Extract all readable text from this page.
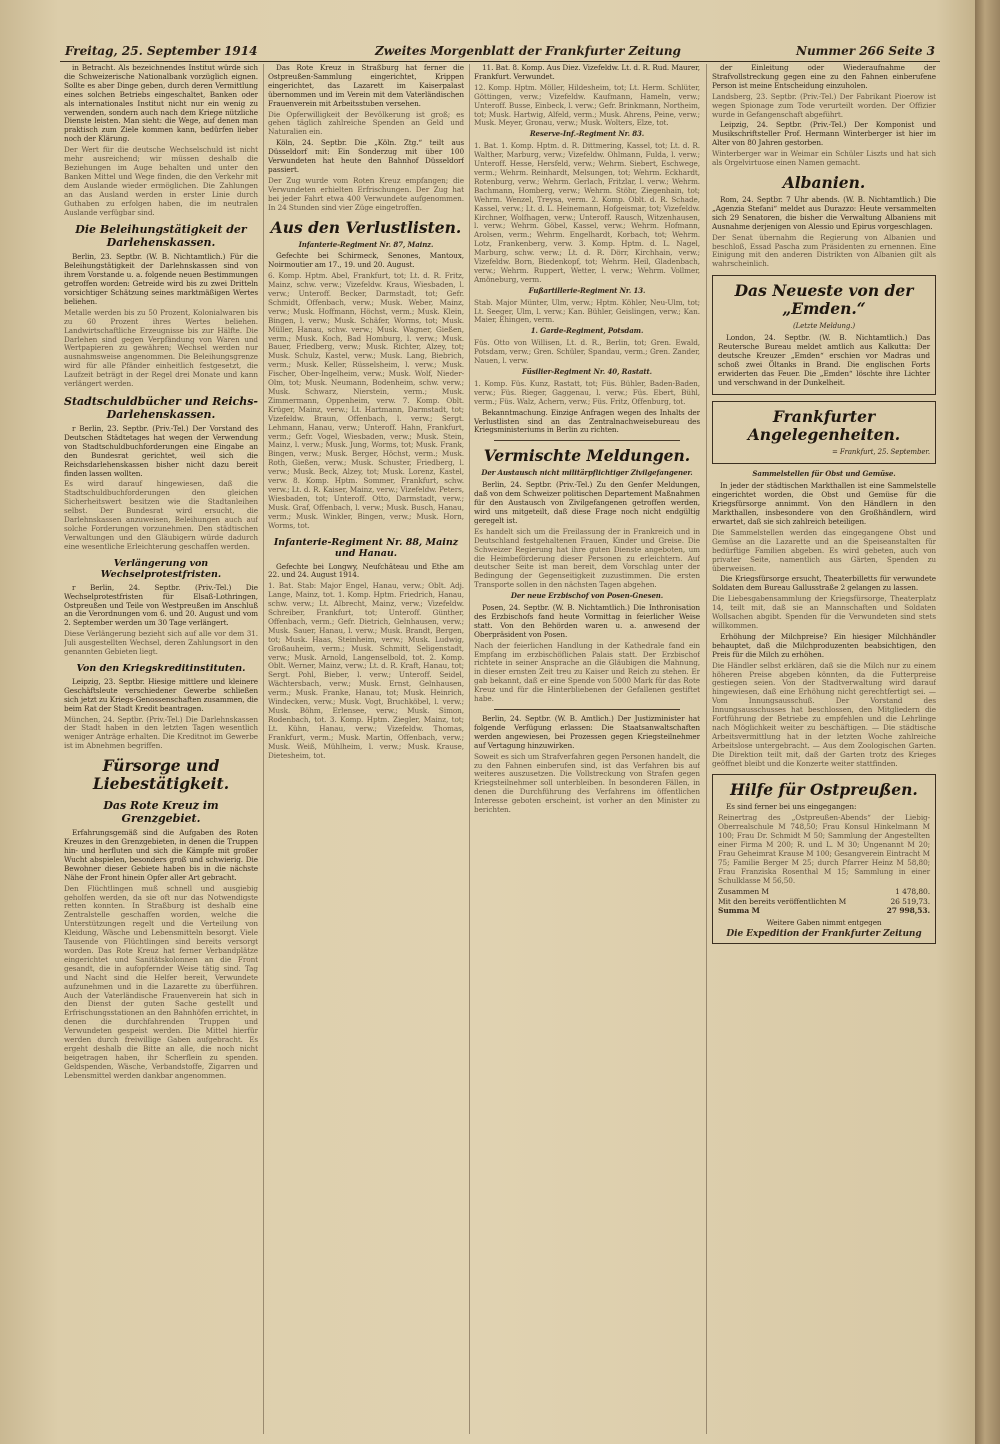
Freitag, 25. September 1914	Zweites Morgenblatt der Frankfurter Zeitung	Nummer 266 Seite 3

in Betracht. Als bezeichnendes Institut würde sich die Schweizerische Nationalbank vorzüglich eignen. Sollte es aber Dinge geben, durch deren Vermittlung eines solchen Betriebs eingeschaltet, Banken oder als internationales Institut nicht nur ein wenig zu verwenden, sondern auch nach dem Kriege nützliche Dienste leisten. Man sieht: die Wege, auf denen man praktisch zum Ziele kommen kann, bedürfen lieber noch der Klärung.

Der Wert für die deutsche Wechselschuld ist nicht mehr ausreichend; wir müssen deshalb die Beziehungen im Auge behalten und unter den Banken Mittel und Wege finden, die den Verkehr mit dem Auslande wieder ermöglichen. Die Zahlungen an das Ausland werden in erster Linie durch Guthaben zu erfolgen haben, die im neutralen Auslande verfügbar sind.
Die Beleihungstätigkeit der Darlehenskassen.

Berlin, 23. Septbr. (W. B. Nichtamtlich.) Für die Beleihungstätigkeit der Darlehnskassen sind von ihrem Vorstande u. a. folgende neuen Bestimmungen getroffen worden: Getreide wird bis zu zwei Dritteln vorsichtiger Schätzung seines marktmäßigen Wertes beliehen.

Metalle werden bis zu 50 Prozent, Kolonialwaren bis zu 60 Prozent ihres Wertes beliehen. Landwirtschaftliche Erzeugnisse bis zur Hälfte. Die Darlehen sind gegen Verpfändung von Waren und Wertpapieren zu gewähren; Wechsel werden nur ausnahmsweise angenommen. Die Beleihungsgrenze wird für alle Pfänder einheitlich festgesetzt, die Laufzeit beträgt in der Regel drei Monate und kann verlängert werden.
Stadtschuldbücher und Reichs-Darlehenskassen.

r Berlin, 23. Septbr. (Priv.-Tel.) Der Vorstand des Deutschen Städtetages hat wegen der Verwendung von Stadtschuldbuchforderungen eine Eingabe an den Bundesrat gerichtet, weil sich die Reichsdarlehenskassen bisher nicht dazu bereit finden lassen wollten.

Es wird darauf hingewiesen, daß die Stadtschuldbuchforderungen den gleichen Sicherheitswert besitzen wie die Stadtanleihen selbst. Der Bundesrat wird ersucht, die Darlehnskassen anzuweisen, Beleihungen auch auf solche Forderungen vorzunehmen. Den städtischen Verwaltungen und den Gläubigern würde dadurch eine wesentliche Erleichterung geschaffen werden.
Verlängerung von Wechselprotestfristen.

r Berlin, 24. Septbr. (Priv.-Tel.) Die Wechselprotestfristen für Elsaß-Lothringen, Ostpreußen und Teile von Westpreußen im Anschluß an die Verordnungen vom 6. und 20. August und vom 2. September werden um 30 Tage verlängert.

Diese Verlängerung bezieht sich auf alle vor dem 31. Juli ausgestellten Wechsel, deren Zahlungsort in den genannten Gebieten liegt.
Von den Kriegskreditinstituten.

Leipzig, 23. Septbr. Hiesige mittlere und kleinere Geschäftsleute verschiedener Gewerbe schließen sich jetzt zu Kriegs-Genossenschaften zusammen, die beim Rat der Stadt Kredit beantragen.

München, 24. Septbr. (Priv.-Tel.) Die Darlehnskassen der Stadt haben in den letzten Tagen wesentlich weniger Anträge erhalten. Die Kreditnot im Gewerbe ist im Abnehmen begriffen.
Fürsorge und Liebestätigkeit.
Das Rote Kreuz im Grenzgebiet.

Erfahrungsgemäß sind die Aufgaben des Roten Kreuzes in den Grenzgebieten, in denen die Truppen hin- und herfluten und sich die Kämpfe mit großer Wucht abspielen, besonders groß und schwierig. Die Bewohner dieser Gebiete haben bis in die nächste Nähe der Front hinein Opfer aller Art gebracht.

Den Flüchtlingen muß schnell und ausgiebig geholfen werden, da sie oft nur das Notwendigste retten konnten. In Straßburg ist deshalb eine Zentralstelle geschaffen worden, welche die Unterstützungen regelt und die Verteilung von Kleidung, Wäsche und Lebensmitteln besorgt. Viele Tausende von Flüchtlingen sind bereits versorgt worden. Das Rote Kreuz hat ferner Verbandplätze eingerichtet und Sanitätskolonnen an die Front gesandt, die in aufopfernder Weise tätig sind. Tag und Nacht sind die Helfer bereit, Verwundete aufzunehmen und in die Lazarette zu überführen. Auch der Vaterländische Frauenverein hat sich in den Dienst der guten Sache gestellt und Erfrischungsstationen an den Bahnhöfen errichtet, in denen die durchfahrenden Truppen und Verwundeten gespeist werden. Die Mittel hierfür werden durch freiwillige Gaben aufgebracht. Es ergeht deshalb die Bitte an alle, die noch nicht beigetragen haben, ihr Scherflein zu spenden. Geldspenden, Wäsche, Verbandstoffe, Zigarren und Lebensmittel werden dankbar angenommen.

Das Rote Kreuz in Straßburg hat ferner die Ostpreußen-Sammlung eingerichtet, Krippen eingerichtet, das Lazarett im Kaiserpalast übernommen und im Verein mit dem Vaterländischen Frauenverein mit Arbeitsstuben versehen.

Die Opferwilligkeit der Bevölkerung ist groß; es gehen täglich zahlreiche Spenden an Geld und Naturalien ein.

Köln, 24. Septbr. Die „Köln. Ztg.“ teilt aus Düsseldorf mit: Ein Sonderzug mit über 100 Verwundeten hat heute den Bahnhof Düsseldorf passiert.

Der Zug wurde vom Roten Kreuz empfangen; die Verwundeten erhielten Erfrischungen. Der Zug hat bei jeder Fahrt etwa 400 Verwundete aufgenommen. In 24 Stunden sind vier Züge eingetroffen.
Aus den Verlustlisten.
Infanterie-Regiment Nr. 87, Mainz.

Gefechte bei Schirmeck, Senones, Mantoux, Noirmoutier am 17., 19. und 20. August.

6. Komp. Hptm. Abel, Frankfurt, tot; Lt. d. R. Fritz, Mainz, schw. verw.; Vizefeldw. Kraus, Wiesbaden, l. verw.; Unteroff. Becker, Darmstadt, tot; Gefr. Schmidt, Offenbach, verw.; Musk. Weber, Mainz, verw.; Musk. Hoffmann, Höchst, verm.; Musk. Klein, Bingen, l. verw.; Musk. Schäfer, Worms, tot; Musk. Müller, Hanau, schw. verw.; Musk. Wagner, Gießen, verm.; Musk. Koch, Bad Homburg, l. verw.; Musk. Bauer, Friedberg, verw.; Musk. Richter, Alzey, tot; Musk. Schulz, Kastel, verw.; Musk. Lang, Biebrich, verm.; Musk. Keller, Rüsselsheim, l. verw.; Musk. Fischer, Ober-Ingelheim, verw.; Musk. Wolf, Nieder-Olm, tot; Musk. Neumann, Bodenheim, schw. verw.; Musk. Schwarz, Nierstein, verm.; Musk. Zimmermann, Oppenheim, verw. 7. Komp. Oblt. Krüger, Mainz, verw.; Lt. Hartmann, Darmstadt, tot; Vizefeldw. Braun, Offenbach, l. verw.; Sergt. Lehmann, Hanau, verw.; Unteroff. Hahn, Frankfurt, verm.; Gefr. Vogel, Wiesbaden, verw.; Musk. Stein, Mainz, l. verw.; Musk. Jung, Worms, tot; Musk. Frank, Bingen, verw.; Musk. Berger, Höchst, verm.; Musk. Roth, Gießen, verw.; Musk. Schuster, Friedberg, l. verw.; Musk. Beck, Alzey, tot; Musk. Lorenz, Kastel, verw. 8. Komp. Hptm. Sommer, Frankfurt, schw. verw.; Lt. d. R. Kaiser, Mainz, verw.; Vizefeldw. Peters, Wiesbaden, tot; Unteroff. Otto, Darmstadt, verw.; Musk. Graf, Offenbach, l. verw.; Musk. Busch, Hanau, verm.; Musk. Winkler, Bingen, verw.; Musk. Horn, Worms, tot.
Infanterie-Regiment Nr. 88, Mainz und Hanau.

Gefechte bei Longwy, Neufchâteau und Ethe am 22. und 24. August 1914.

1. Bat. Stab: Major Engel, Hanau, verw.; Oblt. Adj. Lange, Mainz, tot. 1. Komp. Hptm. Friedrich, Hanau, schw. verw.; Lt. Albrecht, Mainz, verw.; Vizefeldw. Schreiber, Frankfurt, tot; Unteroff. Günther, Offenbach, verm.; Gefr. Dietrich, Gelnhausen, verw.; Musk. Sauer, Hanau, l. verw.; Musk. Brandt, Bergen, tot; Musk. Haas, Steinheim, verw.; Musk. Ludwig, Großauheim, verm.; Musk. Schmitt, Seligenstadt, verw.; Musk. Arnold, Langenselbold, tot. 2. Komp. Oblt. Werner, Mainz, verw.; Lt. d. R. Kraft, Hanau, tot; Sergt. Pohl, Bieber, l. verw.; Unteroff. Seidel, Wächtersbach, verw.; Musk. Ernst, Gelnhausen, verm.; Musk. Franke, Hanau, tot; Musk. Heinrich, Windecken, verw.; Musk. Vogt, Bruchköbel, l. verw.; Musk. Böhm, Erlensee, verw.; Musk. Simon, Rodenbach, tot. 3. Komp. Hptm. Ziegler, Mainz, tot; Lt. Kühn, Hanau, verw.; Vizefeldw. Thomas, Frankfurt, verm.; Musk. Martin, Offenbach, verw.; Musk. Weiß, Mühlheim, l. verw.; Musk. Krause, Dietesheim, tot.

11. Bat. 8. Komp. Aus Diez. Vizefeldw. Lt. d. R. Rud. Maurer, Frankfurt. Verwundet.

12. Komp. Hptm. Möller, Hildesheim, tot; Lt. Herm. Schlüter, Göttingen, verw.; Vizefeldw. Kaufmann, Hameln, verw.; Unteroff. Busse, Einbeck, l. verw.; Gefr. Brinkmann, Northeim, tot; Musk. Hartwig, Alfeld, verm.; Musk. Ahrens, Peine, verw.; Musk. Meyer, Gronau, verw.; Musk. Wolters, Elze, tot.
Reserve-Inf.-Regiment Nr. 83.
1. Bat. 1. Komp. Hptm. d. R. Dittmering, Kassel, tot; Lt. d. R. Walther, Marburg, verw.; Vizefeldw. Ohlmann, Fulda, l. verw.; Unteroff. Hesse, Hersfeld, verw.; Wehrm. Siebert, Eschwege, verm.; Wehrm. Reinhardt, Melsungen, tot; Wehrm. Eckhardt, Rotenburg, verw.; Wehrm. Gerlach, Fritzlar, l. verw.; Wehrm. Bachmann, Homberg, verw.; Wehrm. Stöhr, Ziegenhain, tot; Wehrm. Wenzel, Treysa, verm. 2. Komp. Oblt. d. R. Schade, Kassel, verw.; Lt. d. L. Heinemann, Hofgeismar, tot; Vizefeldw. Kirchner, Wolfhagen, verw.; Unteroff. Rausch, Witzenhausen, l. verw.; Wehrm. Göbel, Kassel, verw.; Wehrm. Hofmann, Arolsen, verm.; Wehrm. Engelhardt, Korbach, tot; Wehrm. Lotz, Frankenberg, verw. 3. Komp. Hptm. d. L. Nagel, Marburg, schw. verw.; Lt. d. R. Dörr, Kirchhain, verw.; Vizefeldw. Born, Biedenkopf, tot; Wehrm. Heil, Gladenbach, verw.; Wehrm. Ruppert, Wetter, l. verw.; Wehrm. Vollmer, Amöneburg, verm.
Fußartillerie-Regiment Nr. 13.
Stab. Major Münter, Ulm, verw.; Hptm. Köhler, Neu-Ulm, tot; Lt. Seeger, Ulm, l. verw.; Kan. Bühler, Geislingen, verw.; Kan. Maier, Ehingen, verm.
1. Garde-Regiment, Potsdam.
Füs. Otto von Willisen, Lt. d. R., Berlin, tot; Gren. Ewald, Potsdam, verw.; Gren. Schüler, Spandau, verm.; Gren. Zander, Nauen, l. verw.
Füsilier-Regiment Nr. 40, Rastatt.
1. Komp. Füs. Kunz, Rastatt, tot; Füs. Bühler, Baden-Baden, verw.; Füs. Rieger, Gaggenau, l. verw.; Füs. Ebert, Bühl, verm.; Füs. Walz, Achern, verw.; Füs. Fritz, Offenburg, tot.

Bekanntmachung. Einzige Anfragen wegen des Inhalts der Verlustlisten sind an das Zentralnachweisebureau des Kriegsministeriums in Berlin zu richten.

Vermischte Meldungen.
Der Austausch nicht militärpflichtiger Zivilgefangener.

Berlin, 24. Septbr. (Priv.-Tel.) Zu den Genfer Meldungen, daß von dem Schweizer politischen Departement Maßnahmen für den Austausch von Zivilgefangenen getroffen werden, wird uns mitgeteilt, daß diese Frage noch nicht endgültig geregelt ist.

Es handelt sich um die Freilassung der in Frankreich und in Deutschland festgehaltenen Frauen, Kinder und Greise. Die Schweizer Regierung hat ihre guten Dienste angeboten, um die Heimbeförderung dieser Personen zu erleichtern. Auf deutscher Seite ist man bereit, dem Vorschlag unter der Bedingung der Gegenseitigkeit zuzustimmen. Die ersten Transporte sollen in den nächsten Tagen abgehen.
Der neue Erzbischof von Posen-Gnesen.

Posen, 24. Septbr. (W. B. Nichtamtlich.) Die Inthronisation des Erzbischofs fand heute Vormittag in feierlicher Weise statt. Von den Behörden waren u. a. anwesend der Oberpräsident von Posen.

Nach der feierlichen Handlung in der Kathedrale fand ein Empfang im erzbischöflichen Palais statt. Der Erzbischof richtete in seiner Ansprache an die Gläubigen die Mahnung, in dieser ernsten Zeit treu zu Kaiser und Reich zu stehen. Er gab bekannt, daß er eine Spende von 5000 Mark für das Rote Kreuz und für die Hinterbliebenen der Gefallenen gestiftet habe.

Berlin, 24. Septbr. (W. B. Amtlich.) Der Justizminister hat folgende Verfügung erlassen: Die Staatsanwaltschaften werden angewiesen, bei Prozessen gegen Kriegsteilnehmer auf Vertagung hinzuwirken.

Soweit es sich um Strafverfahren gegen Personen handelt, die zu den Fahnen einberufen sind, ist das Verfahren bis auf weiteres auszusetzen. Die Vollstreckung von Strafen gegen Kriegsteilnehmer soll unterbleiben. In besonderen Fällen, in denen die Durchführung des Verfahrens im öffentlichen Interesse geboten erscheint, ist vorher an den Minister zu berichten.

der Einleitung oder Wiederaufnahme der Strafvollstreckung gegen eine zu den Fahnen einberufene Person ist meine Entscheidung einzuholen.

Landsberg, 23. Septbr. (Priv.-Tel.) Der Fabrikant Pioerow ist wegen Spionage zum Tode verurteilt worden. Der Offizier wurde in Gefangenschaft abgeführt.

Leipzig, 24. Septbr. (Priv.-Tel.) Der Komponist und Musikschriftsteller Prof. Hermann Winterberger ist hier im Alter von 80 Jahren gestorben.

Winterberger war in Weimar ein Schüler Liszts und hat sich als Orgelvirtuose einen Namen gemacht.
Albanien.

Rom, 24. Septbr. 7 Uhr abends. (W. B. Nichtamtlich.) Die „Agenzia Stefani“ meldet aus Durazzo: Heute versammelten sich 29 Senatoren, die bisher die Verwaltung Albaniens mit Ausnahme derjenigen von Alessio und Epirus vorgeschlagen.

Der Senat übernahm die Regierung von Albanien und beschloß, Essad Pascha zum Präsidenten zu ernennen. Eine Einigung mit den anderen Distrikten von Albanien gilt als wahrscheinlich.
Das Neueste von der „Emden.“
(Letzte Meldung.)

London, 24. Septbr. (W. B. Nichtamtlich.) Das Reutersche Bureau meldet amtlich aus Kalkutta: Der deutsche Kreuzer „Emden“ erschien vor Madras und schoß zwei Öltanks in Brand. Die englischen Forts erwiderten das Feuer. Die „Emden“ löschte ihre Lichter und verschwand in der Dunkelheit.

Frankfurter Angelegenheiten.
= Frankfurt, 25. September.
Sammelstellen für Obst und Gemüse.

In jeder der städtischen Markthallen ist eine Sammelstelle eingerichtet worden, die Obst und Gemüse für die Kriegsfürsorge annimmt. Von den Händlern in den Markthallen, insbesondere von den Großhändlern, wird erwartet, daß sie sich zahlreich beteiligen.

Die Sammelstellen werden das eingegangene Obst und Gemüse an die Lazarette und an die Speiseanstalten für bedürftige Familien abgeben. Es wird gebeten, auch von privater Seite, namentlich aus Gärten, Spenden zu überweisen.

Die Kriegsfürsorge ersucht, Theaterbilletts für verwundete Soldaten dem Bureau Gallusstraße 2 gelangen zu lassen.

Die Liebesgabensammlung der Kriegsfürsorge, Theaterplatz 14, teilt mit, daß sie an Mannschaften und Soldaten Wollsachen abgibt. Spenden für die Verwundeten sind stets willkommen.

Erhöhung der Milchpreise? Ein hiesiger Milchhändler behauptet, daß die Milchproduzenten beabsichtigen, den Preis für die Milch zu erhöhen.

Die Händler selbst erklären, daß sie die Milch nur zu einem höheren Preise abgeben könnten, da die Futterpreise gestiegen seien. Von der Stadtverwaltung wird darauf hingewiesen, daß eine Erhöhung nicht gerechtfertigt sei. — Vom Innungsausschuß. Der Vorstand des Innungsausschusses hat beschlossen, den Mitgliedern die Fortführung der Betriebe zu empfehlen und die Lehrlinge nach Möglichkeit weiter zu beschäftigen. — Die städtische Arbeitsvermittlung hat in der letzten Woche zahlreiche Arbeitslose untergebracht. — Aus dem Zoologischen Garten. Die Direktion teilt mit, daß der Garten trotz des Krieges geöffnet bleibt und die Konzerte weiter stattfinden.
Hilfe für Ostpreußen.

Es sind ferner bei uns eingegangen:

Reinertrag des „Ostpreußen-Abends“ der Liebig-Oberrealschule M 748,50; Frau Konsul Hinkelmann M 100; Frau Dr. Schmidt M 50; Sammlung der Angestellten einer Firma M 200; R. und L. M 30; Ungenannt M 20; Frau Geheimrat Krause M 100; Gesangverein Eintracht M 75; Familie Berger M 25; durch Pfarrer Heinz M 58,80; Frau Franziska Rosenthal M 15; Sammlung in einer Schulklasse M 56,50.
Zusammen M	1 478,80.
Mit den bereits veröffentlichten M	26 519,73.
Summa M	27 998,53.
Weitere Gaben nimmt entgegen
Die Expedition der Frankfurter Zeitung
